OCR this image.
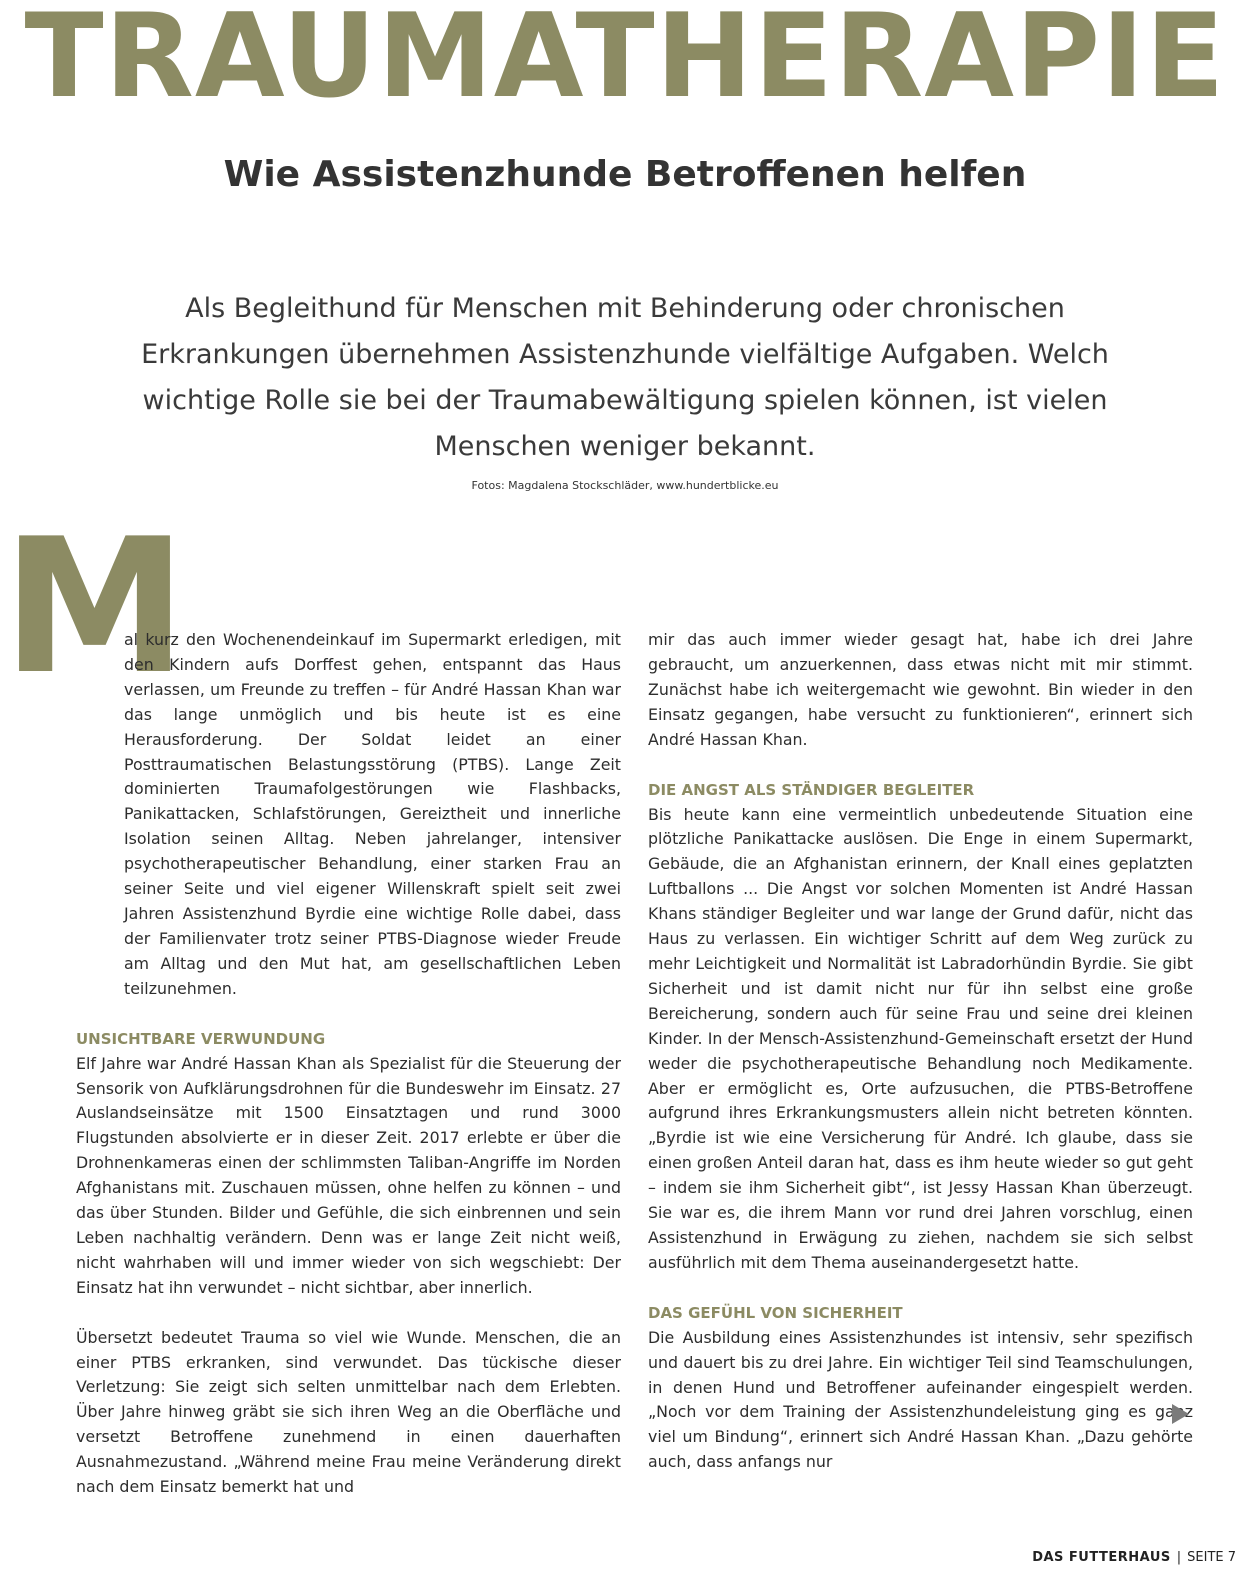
TRAUMATHERAPIE
Wie Assistenzhunde Betroffenen helfen

Als Begleithund für Menschen mit Behinderung oder chronischen Erkrankungen übernehmen Assistenzhunde vielfältige Aufgaben. Welch wichtige Rolle sie bei der Traumabewältigung spielen können, ist vielen Menschen weniger bekannt.

Fotos: Magdalena Stockschläder, www.hundertblicke.eu

M

al kurz den Wochenendeinkauf im Supermarkt erledigen, mit den Kindern aufs Dorffest gehen, entspannt das Haus verlassen, um Freunde zu treffen – für André Hassan Khan war das lange unmöglich und bis heute ist es eine Herausforderung. Der Soldat leidet an einer Posttraumatischen Belastungsstörung (PTBS). Lange Zeit dominierten Traumafolgestörungen wie Flashbacks, Panikattacken, Schlafstörungen, Gereiztheit und innerliche Isolation seinen Alltag. Neben jahrelanger, intensiver psychotherapeutischer Behandlung, einer starken Frau an seiner Seite und viel eigener Willenskraft spielt seit zwei Jahren Assistenzhund Byrdie eine wichtige Rolle dabei, dass der Familienvater trotz seiner PTBS-Diagnose wieder Freude am Alltag und den Mut hat, am gesellschaftlichen Leben teilzunehmen.

UNSICHTBARE VERWUNDUNG

Elf Jahre war André Hassan Khan als Spezialist für die Steuerung der Sensorik von Aufklärungsdrohnen für die Bundeswehr im Einsatz. 27 Auslandseinsätze mit 1500 Einsatztagen und rund 3000 Flugstunden absolvierte er in dieser Zeit. 2017 erlebte er über die Drohnenkameras einen der schlimmsten Taliban-Angriffe im Norden Afghanistans mit. Zuschauen müssen, ohne helfen zu können – und das über Stunden. Bilder und Gefühle, die sich einbrennen und sein Leben nachhaltig verändern. Denn was er lange Zeit nicht weiß, nicht wahrhaben will und immer wieder von sich wegschiebt: Der Einsatz hat ihn verwundet – nicht sichtbar, aber innerlich.

Übersetzt bedeutet Trauma so viel wie Wunde. Menschen, die an einer PTBS erkranken, sind verwundet. Das tückische dieser Verletzung: Sie zeigt sich selten unmittelbar nach dem Erlebten. Über Jahre hinweg gräbt sie sich ihren Weg an die Oberfläche und versetzt Betroffene zunehmend in einen dauerhaften Ausnahmezustand. „Während meine Frau meine Veränderung direkt nach dem Einsatz bemerkt hat und

mir das auch immer wieder gesagt hat, habe ich drei Jahre gebraucht, um anzuerkennen, dass etwas nicht mit mir stimmt. Zunächst habe ich weitergemacht wie gewohnt. Bin wieder in den Einsatz gegangen, habe versucht zu funktionieren“, erinnert sich André Hassan Khan.

DIE ANGST ALS STÄNDIGER BEGLEITER

Bis heute kann eine vermeintlich unbedeutende Situation eine plötzliche Panikattacke auslösen. Die Enge in einem Supermarkt, Gebäude, die an Afghanistan erinnern, der Knall eines geplatzten Luftballons ... Die Angst vor solchen Momenten ist André Hassan Khans ständiger Begleiter und war lange der Grund dafür, nicht das Haus zu verlassen. Ein wichtiger Schritt auf dem Weg zurück zu mehr Leichtigkeit und Normalität ist Labradorhündin Byrdie. Sie gibt Sicherheit und ist damit nicht nur für ihn selbst eine große Bereicherung, sondern auch für seine Frau und seine drei kleinen Kinder. In der Mensch-Assistenzhund-Gemeinschaft ersetzt der Hund weder die psychotherapeutische Behandlung noch Medikamente. Aber er ermöglicht es, Orte aufzusuchen, die PTBS-Betroffene aufgrund ihres Erkrankungsmusters allein nicht betreten könnten. „Byrdie ist wie eine Versicherung für André. Ich glaube, dass sie einen großen Anteil daran hat, dass es ihm heute wieder so gut geht – indem sie ihm Sicherheit gibt“, ist Jessy Hassan Khan überzeugt. Sie war es, die ihrem Mann vor rund drei Jahren vorschlug, einen Assistenzhund in Erwägung zu ziehen, nachdem sie sich selbst ausführlich mit dem Thema auseinandergesetzt hatte.

DAS GEFÜHL VON SICHERHEIT

Die Ausbildung eines Assistenzhundes ist intensiv, sehr spezifisch und dauert bis zu drei Jahre. Ein wichtiger Teil sind Teamschulungen, in denen Hund und Betroffener aufeinander eingespielt werden. „Noch vor dem Training der Assistenzhundeleistung ging es ganz viel um Bindung“, erinnert sich André Hassan Khan. „Dazu gehörte auch, dass anfangs nur

DAS FUTTERHAUS | SEITE 7
